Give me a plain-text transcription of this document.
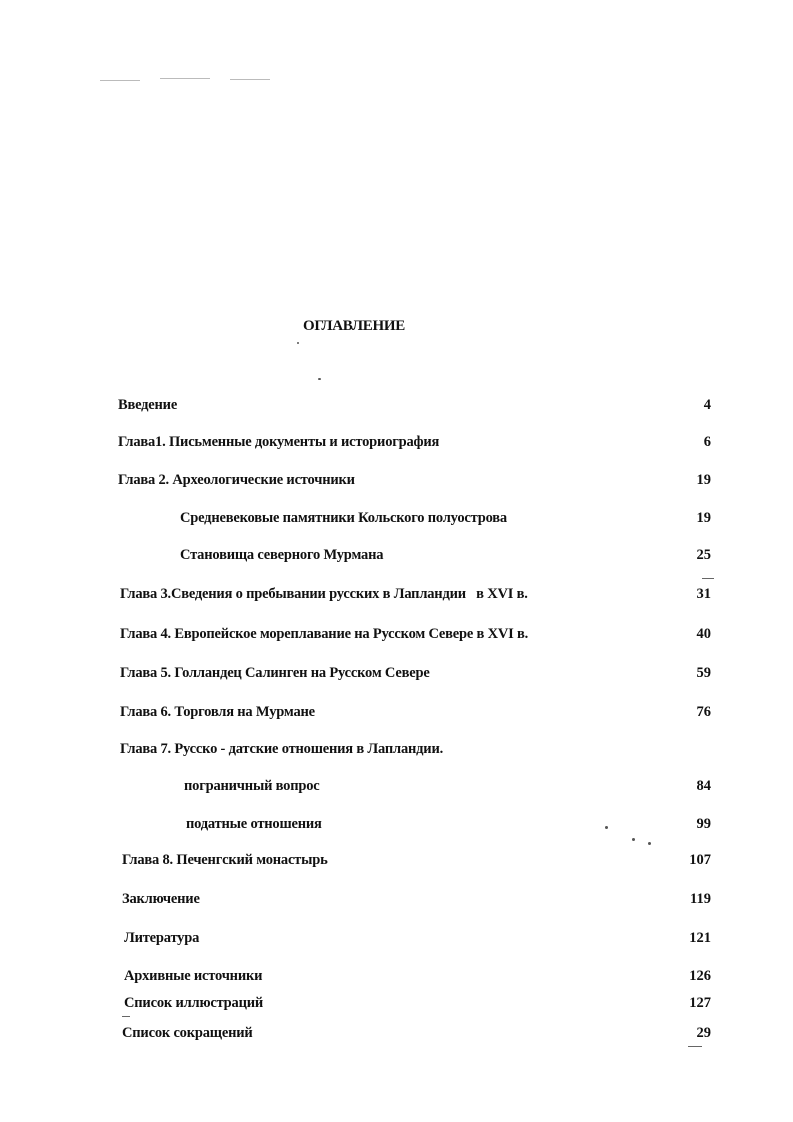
ОГЛАВЛЕНИЕ
Введение	4
Глава1. Письменные документы и историография	6
Глава 2. Археологические источники	19
Средневековые памятники Кольского полуострова	19
Становища северного Мурмана	25
Глава 3.Сведения о пребывании русских в Лапландии   в XVI в.	31
Глава 4. Европейское мореплавание на Русском Севере в XVI в.	40
Глава 5. Голландец Салинген на Русском Севере	59
Глава 6. Торговля на Мурмане	76
Глава 7. Русско - датские отношения в Лапландии.
пограничный вопрос	84
податные отношения	99
Глава 8. Печенгский монастырь	107
Заключение	119
Литература	121
Архивные источники	126
Список иллюстраций	127
Список сокращений	29
